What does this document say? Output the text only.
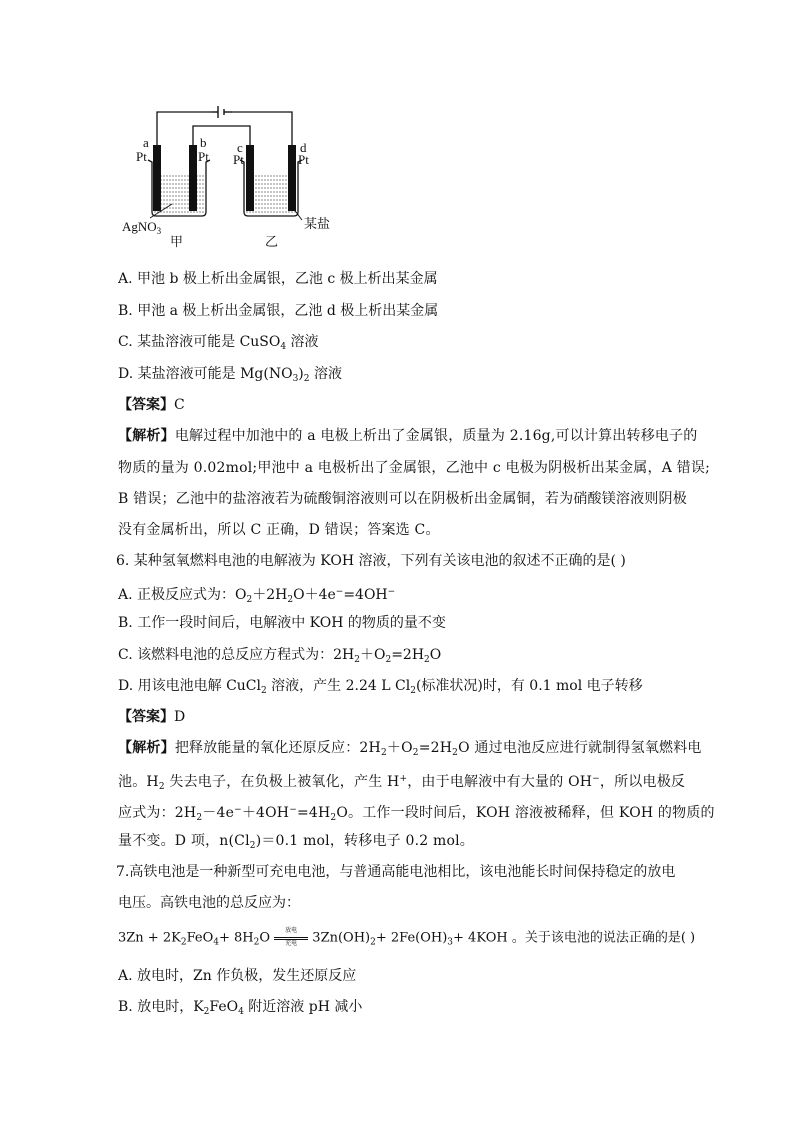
a
Pt
b
Pt
c
Pt
d
Pt
AgNO$_3$
甲	乙
某盐
A. 甲池 b 极上析出金属银，乙池 c 极上析出某金属
B. 甲池 a 极上析出金属银，乙池 d 极上析出某金属
C. 某盐溶液可能是 CuSO$_4$ 溶液
D. 某盐溶液可能是 $Mg(NO_3)_2$ 溶液
【答案】C
【解析】电解过程中加池中的 a 电极上析出了金属银，质量为 2.16g,可以计算出转移电子的
物质的量为 0.02mol;甲池中 a 电极析出了金属银，乙池中 c 电极为阴极析出某金属，A 错误;
B 错误；乙池中的盐溶液若为硫酸铜溶液则可以在阴极析出金属铜，若为硝酸镁溶液则阴极
没有金属析出，所以 C 正确，D 错误；答案选 C。
6. 某种氢氧燃料电池的电解液为 KOH 溶液，下列有关该电池的叙述不正确的是( )
A. 正极反应式为：$O_2+2H_2O+4e^-=4OH^-$
B. 工作一段时间后，电解液中 KOH 的物质的量不变
C. 该燃料电池的总反应方程式为：$2H_2+O_2=2H_2O$
D. 用该电池电解 CuCl$_2$ 溶液，产生 2.24 L $Cl_2$(标准状况)时，有 0.1 mol 电子转移
【答案】D
【解析】把释放能量的氧化还原反应：$2H_2+O_2=2H_2O$ 通过电池反应进行就制得氢氧燃料电
池。$H_2$ 失去电子，在负极上被氧化，产生 H+，由于电解液中有大量的 OH−，所以电极反
应式为：$2H_2-4e^-+4OH^-=4H_2O$。工作一段时间后，KOH 溶液被稀释，但 KOH 的物质的
量不变。D 项，$n(Cl_2)=0.1$ mol，转移电子 0.2 mol。
7.高铁电池是一种新型可充电电池，与普通高能电池相比，该电池能长时间保持稳定的放电
电压。高铁电池的总反应为：
$3Zn + 2K_2FeO_4+ 8H_2O$	放电
充电	$3Zn(OH)_2+ 2Fe(OH)_3+ 4KOH$ 。关于该电池的说法正确的是( )
A. 放电时，Zn 作负极，发生还原反应
B. 放电时，$K_2FeO_4$ 附近溶液 pH 减小
